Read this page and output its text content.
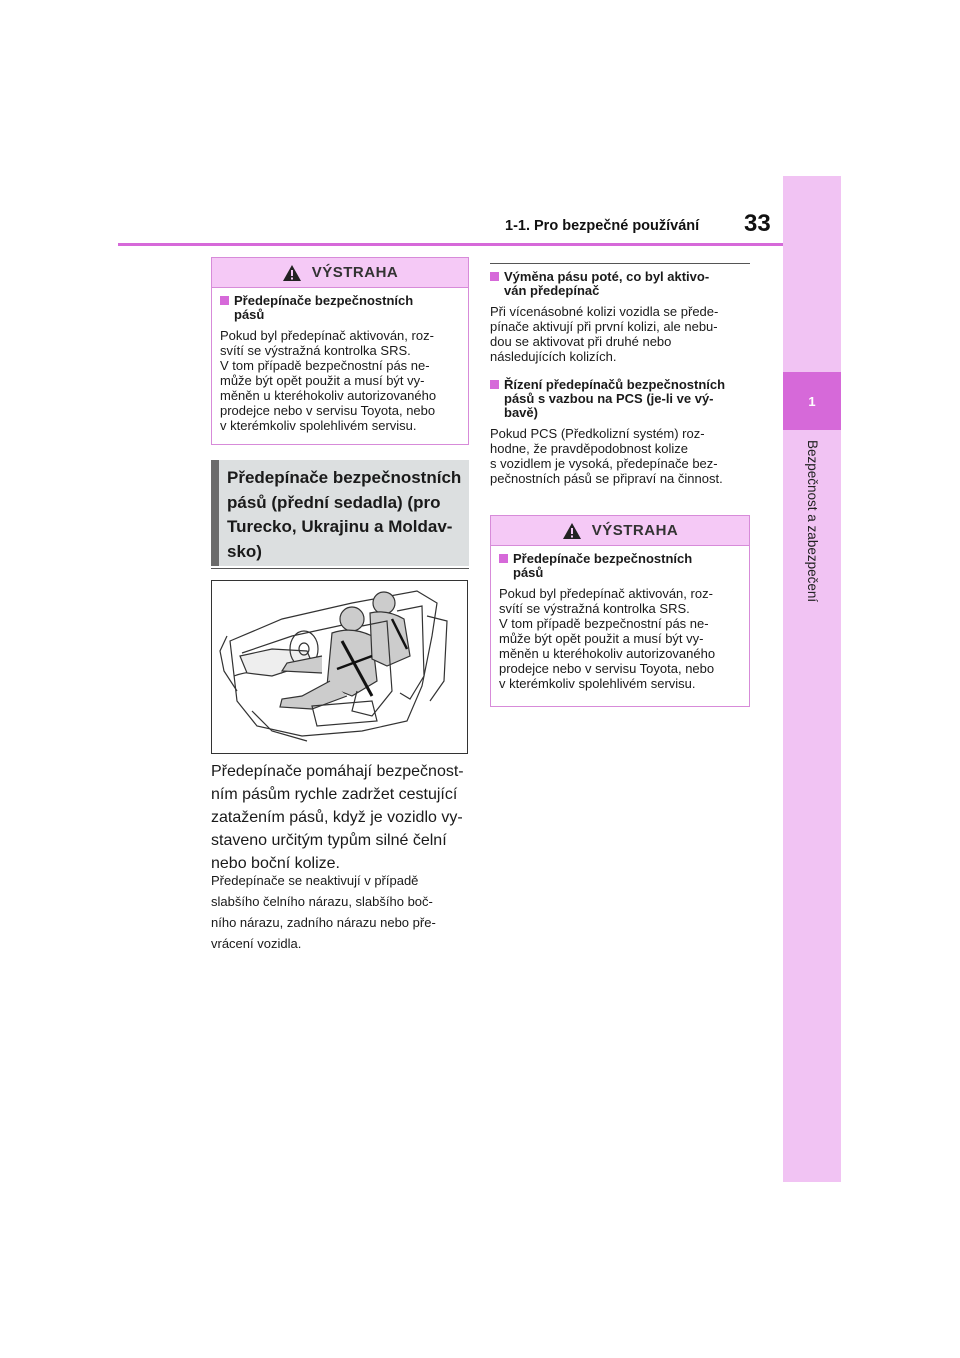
1-1. Pro bezpečné používání 33
1
Bezpečnost a zabezpečení
VÝSTRAHA
Předepínače bezpečnostních
pásů
Pokud byl předepínač aktivován, roz-
svítí se výstražná kontrolka SRS.
V tom případě bezpečnostní pás ne-
může být opět použit a musí být vy-
měněn u kteréhokoliv autorizovaného
prodejce nebo v servisu Toyota, nebo
v kterémkoliv spolehlivém servisu.
Předepínače bezpečnostních
pásů (přední sedadla) (pro
Turecko, Ukrajinu a Moldav-
sko)
Předepínače pomáhají bezpečnost-
ním pásům rychle zadržet cestující
zatažením pásů, když je vozidlo vy-
staveno určitým typům silné čelní
nebo boční kolize.
Předepínače se neaktivují v případě
slabšího čelního nárazu, slabšího boč-
ního nárazu, zadního nárazu nebo pře-
vrácení vozidla.
Výměna pásu poté, co byl aktivo-
ván předepínač
Při vícenásobné kolizi vozidla se přede-
pínače aktivují při první kolizi, ale nebu-
dou se aktivovat při druhé nebo
následujících kolizích.
Řízení předepínačů bezpečnostních
pásů s vazbou na PCS (je-li ve vý-
bavě)
Pokud PCS (Předkolizní systém) roz-
hodne, že pravděpodobnost kolize
s vozidlem je vysoká, předepínače bez-
pečnostních pásů se připraví na činnost.
VÝSTRAHA
Předepínače bezpečnostních
pásů
Pokud byl předepínač aktivován, roz-
svítí se výstražná kontrolka SRS.
V tom případě bezpečnostní pás ne-
může být opět použit a musí být vy-
měněn u kteréhokoliv autorizovaného
prodejce nebo v servisu Toyota, nebo
v kterémkoliv spolehlivém servisu.
